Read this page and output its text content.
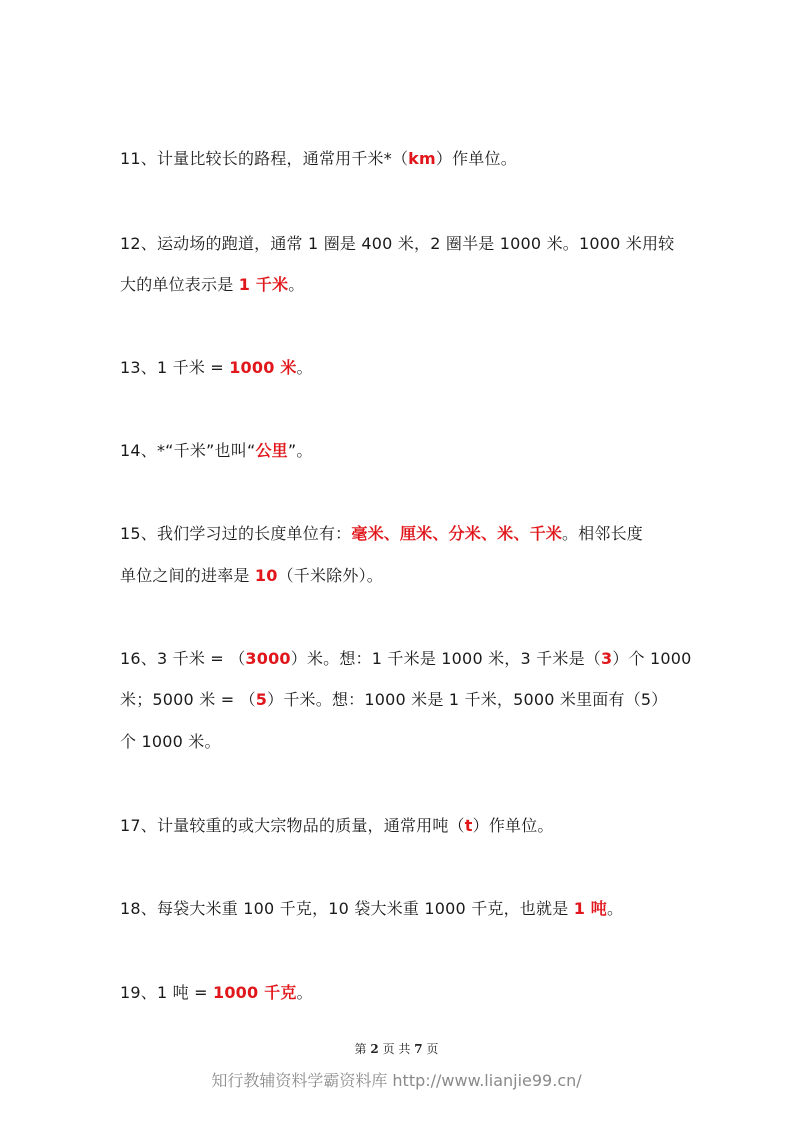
11、计量比较长的路程，通常用千米*（km）作单位。
12、运动场的跑道，通常 1 圈是 400 米，2 圈半是 1000 米。1000 米用较
大的单位表示是 1 千米。
13、1 千米 = 1000 米。
14、*“千米”也叫“公里”。
15、我们学习过的长度单位有：毫米、厘米、分米、米、千米。相邻长度
单位之间的进率是 10（千米除外）。
16、3 千米 = （3000）米。想：1 千米是 1000 米，3 千米是（3）个 1000
米；5000 米 = （5）千米。想：1000 米是 1 千米，5000 米里面有（5）
个 1000 米。
17、计量较重的或大宗物品的质量，通常用吨（t）作单位。
18、每袋大米重 100 千克，10 袋大米重 1000 千克，也就是 1 吨。
19、1 吨 = 1000 千克。
第 2 页 共 7 页
知行教辅资料学霸资料库 http://www.lianjie99.cn/
